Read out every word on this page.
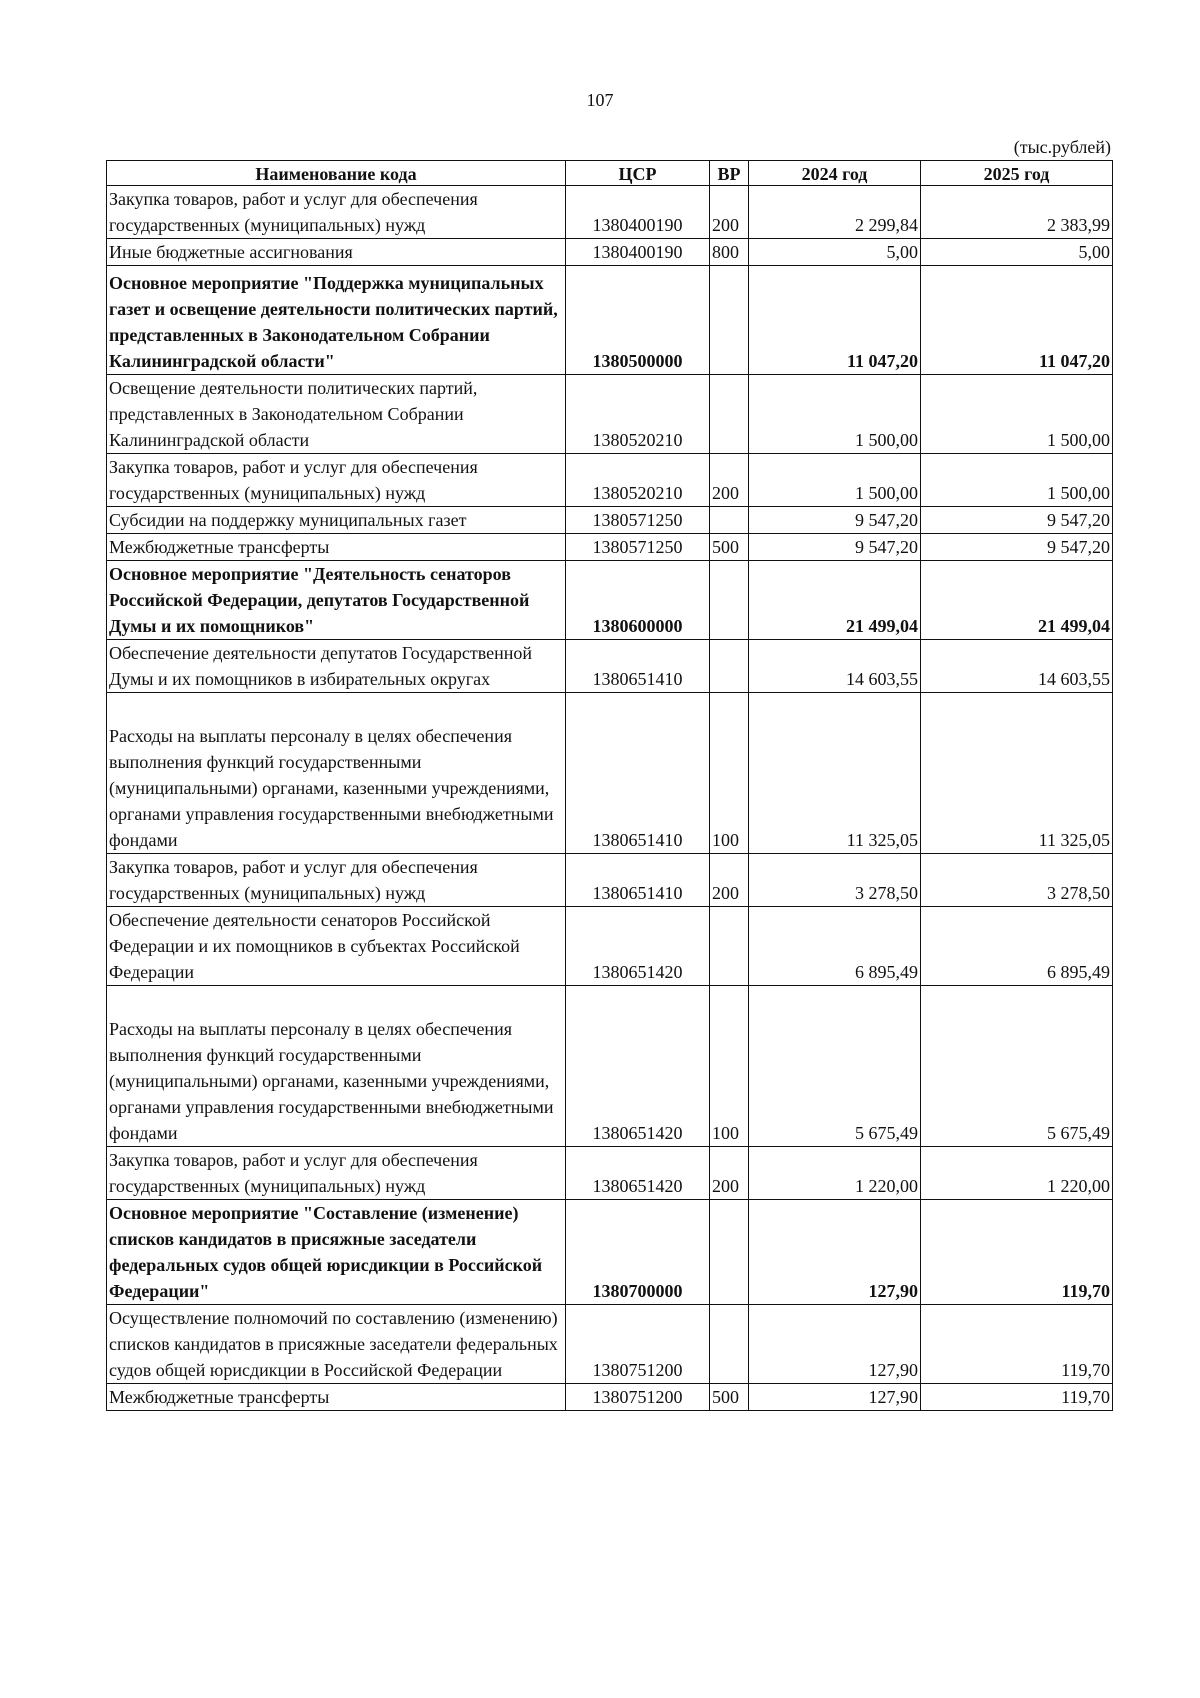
107
(тыс.рублей)
Наименование кода	ЦСР	ВР	2024 год	2025 год
Закупка товаров, работ и услуг для обеспечения государственных (муниципальных) нужд	1380400190	200	2 299,84	2 383,99
Иные бюджетные ассигнования	1380400190	800	5,00	5,00
Основное мероприятие "Поддержка муниципальных газет и освещение деятельности политических партий, представленных в Законодательном Собрании Калининградской области"	1380500000		11 047,20	11 047,20
Освещение деятельности политических партий, представленных в Законодательном Собрании Калининградской области	1380520210		1 500,00	1 500,00
Закупка товаров, работ и услуг для обеспечения государственных (муниципальных) нужд	1380520210	200	1 500,00	1 500,00
Субсидии на поддержку муниципальных газет	1380571250		9 547,20	9 547,20
Межбюджетные трансферты	1380571250	500	9 547,20	9 547,20
Основное мероприятие "Деятельность сенаторов Российской Федерации, депутатов Государственной Думы и их помощников"	1380600000		21 499,04	21 499,04
Обеспечение деятельности депутатов Государственной Думы и их помощников в избирательных округах	1380651410		14 603,55	14 603,55
Расходы на выплаты персоналу в целях обеспечения выполнения функций государственными (муниципальными) органами, казенными учреждениями, органами управления государственными внебюджетными фондами	1380651410	100	11 325,05	11 325,05
Закупка товаров, работ и услуг для обеспечения государственных (муниципальных) нужд	1380651410	200	3 278,50	3 278,50
Обеспечение деятельности сенаторов Российской Федерации и их помощников в субъектах Российской Федерации	1380651420		6 895,49	6 895,49
Расходы на выплаты персоналу в целях обеспечения выполнения функций государственными (муниципальными) органами, казенными учреждениями, органами управления государственными внебюджетными фондами	1380651420	100	5 675,49	5 675,49
Закупка товаров, работ и услуг для обеспечения государственных (муниципальных) нужд	1380651420	200	1 220,00	1 220,00
Основное мероприятие "Составление (изменение) списков кандидатов в присяжные заседатели федеральных судов общей юрисдикции в Российской Федерации"	1380700000		127,90	119,70
Осуществление полномочий по составлению (изменению) списков кандидатов в присяжные заседатели федеральных судов общей юрисдикции в Российской Федерации	1380751200		127,90	119,70
Межбюджетные трансферты	1380751200	500	127,90	119,70
